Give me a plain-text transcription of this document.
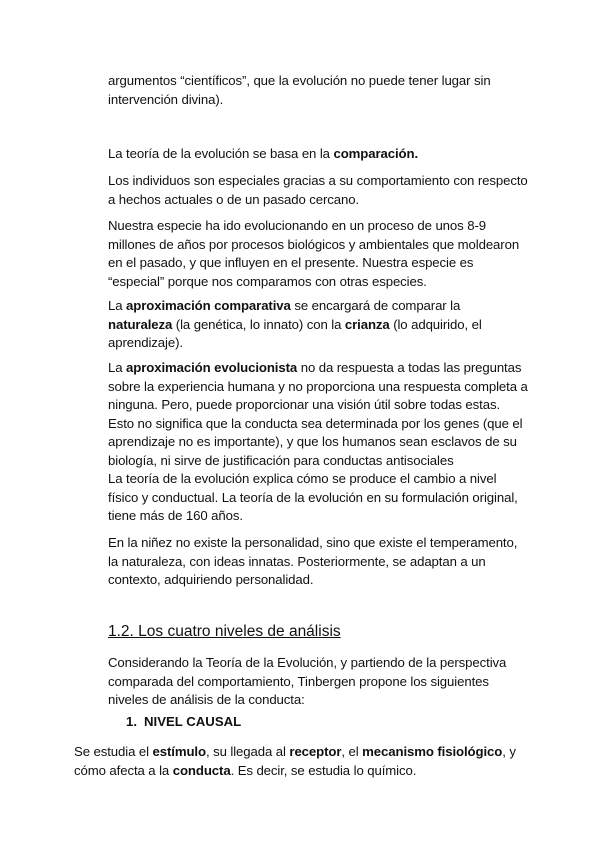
argumentos “científicos”, que la evolución no puede tener lugar sin intervención divina).

La teoría de la evolución se basa en la comparación.

Los individuos son especiales gracias a su comportamiento con respecto a hechos actuales o de un pasado cercano.

Nuestra especie ha ido evolucionando en un proceso de unos 8-9 millones de años por procesos biológicos y ambientales que moldearon en el pasado, y que influyen en el presente. Nuestra especie es “especial” porque nos comparamos con otras especies.

La aproximación comparativa se encargará de comparar la naturaleza (la genética, lo innato) con la crianza (lo adquirido, el aprendizaje).

La aproximación evolucionista no da respuesta a todas las preguntas sobre la experiencia humana y no proporciona una respuesta completa a ninguna. Pero, puede proporcionar una visión útil sobre todas estas. Esto no significa que la conducta sea determinada por los genes (que el aprendizaje no es importante), y que los humanos sean esclavos de su biología, ni sirve de justificación para conductas antisociales

La teoría de la evolución explica cómo se produce el cambio a nivel físico y conductual. La teoría de la evolución en su formulación original, tiene más de 160 años.

En la niñez no existe la personalidad, sino que existe el temperamento, la naturaleza, con ideas innatas. Posteriormente, se adaptan a un contexto, adquiriendo personalidad.

1.2. Los cuatro niveles de análisis

Considerando la Teoría de la Evolución, y partiendo de la perspectiva comparada del comportamiento, Tinbergen propone los siguientes niveles de análisis de la conducta:

1. NIVEL CAUSAL

Se estudia el estímulo, su llegada al receptor, el mecanismo fisiológico, y cómo afecta a la conducta. Es decir, se estudia lo químico.
